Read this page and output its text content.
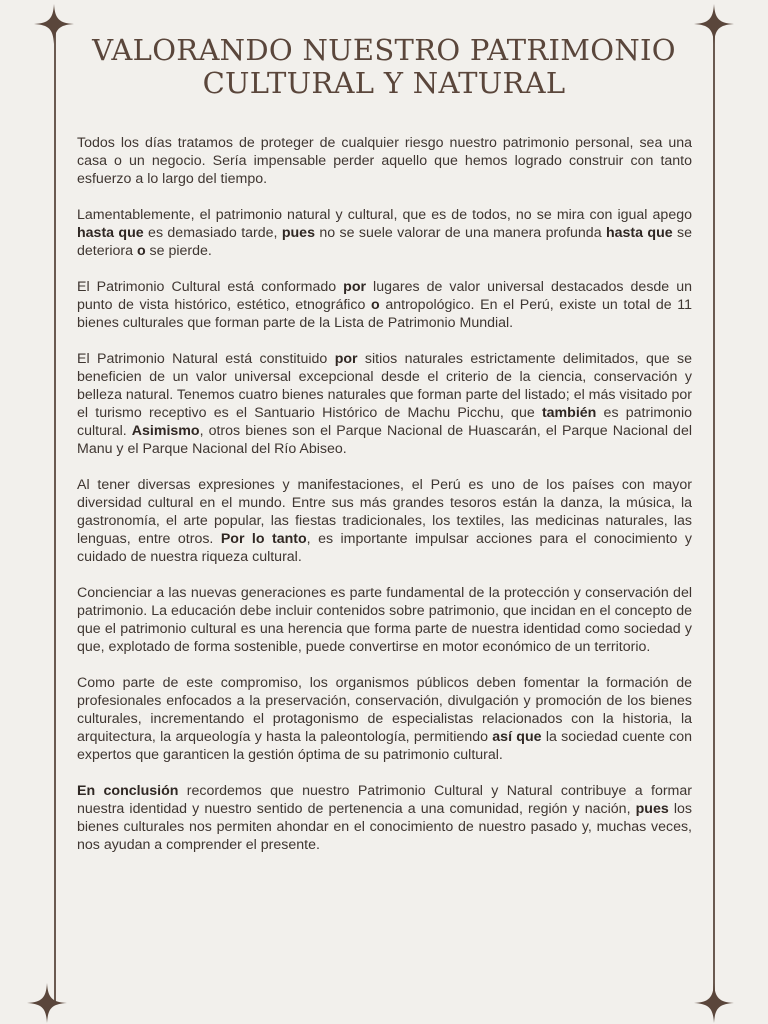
VALORANDO NUESTRO PATRIMONIO CULTURAL Y NATURAL

Todos los días tratamos de proteger de cualquier riesgo nuestro patrimonio personal, sea una casa o un negocio. Sería impensable perder aquello que hemos logrado construir con tanto esfuerzo a lo largo del tiempo.

Lamentablemente, el patrimonio natural y cultural, que es de todos, no se mira con igual apego hasta que es demasiado tarde, pues no se suele valorar de una manera profunda hasta que se deteriora o se pierde.

El Patrimonio Cultural está conformado por lugares de valor universal destacados desde un punto de vista histórico, estético, etnográfico o antropológico. En el Perú, existe un total de 11 bienes culturales que forman parte de la Lista de Patrimonio Mundial.

El Patrimonio Natural está constituido por sitios naturales estrictamente delimitados, que se beneficien de un valor universal excepcional desde el criterio de la ciencia, conservación y belleza natural. Tenemos cuatro bienes naturales que forman parte del listado; el más visitado por el turismo receptivo es el Santuario Histórico de Machu Picchu, que también es patrimonio cultural. Asimismo, otros bienes son el Parque Nacional de Huascarán, el Parque Nacional del Manu y el Parque Nacional del Río Abiseo.

Al tener diversas expresiones y manifestaciones, el Perú es uno de los países con mayor diversidad cultural en el mundo. Entre sus más grandes tesoros están la danza, la música, la gastronomía, el arte popular, las fiestas tradicionales, los textiles, las medicinas naturales, las lenguas, entre otros. Por lo tanto, es importante impulsar acciones para el conocimiento y cuidado de nuestra riqueza cultural.

Concienciar a las nuevas generaciones es parte fundamental de la protección y conservación del patrimonio. La educación debe incluir contenidos sobre patrimonio, que incidan en el concepto de que el patrimonio cultural es una herencia que forma parte de nuestra identidad como sociedad y que, explotado de forma sostenible, puede convertirse en motor económico de un territorio.

Como parte de este compromiso, los organismos públicos deben fomentar la formación de profesionales enfocados a la preservación, conservación, divulgación y promoción de los bienes culturales, incrementando el protagonismo de especialistas relacionados con la historia, la arquitectura, la arqueología y hasta la paleontología, permitiendo así que la sociedad cuente con expertos que garanticen la gestión óptima de su patrimonio cultural.

En conclusión recordemos que nuestro Patrimonio Cultural y Natural contribuye a formar nuestra identidad y nuestro sentido de pertenencia a una comunidad, región y nación, pues los bienes culturales nos permiten ahondar en el conocimiento de nuestro pasado y, muchas veces, nos ayudan a comprender el presente.
